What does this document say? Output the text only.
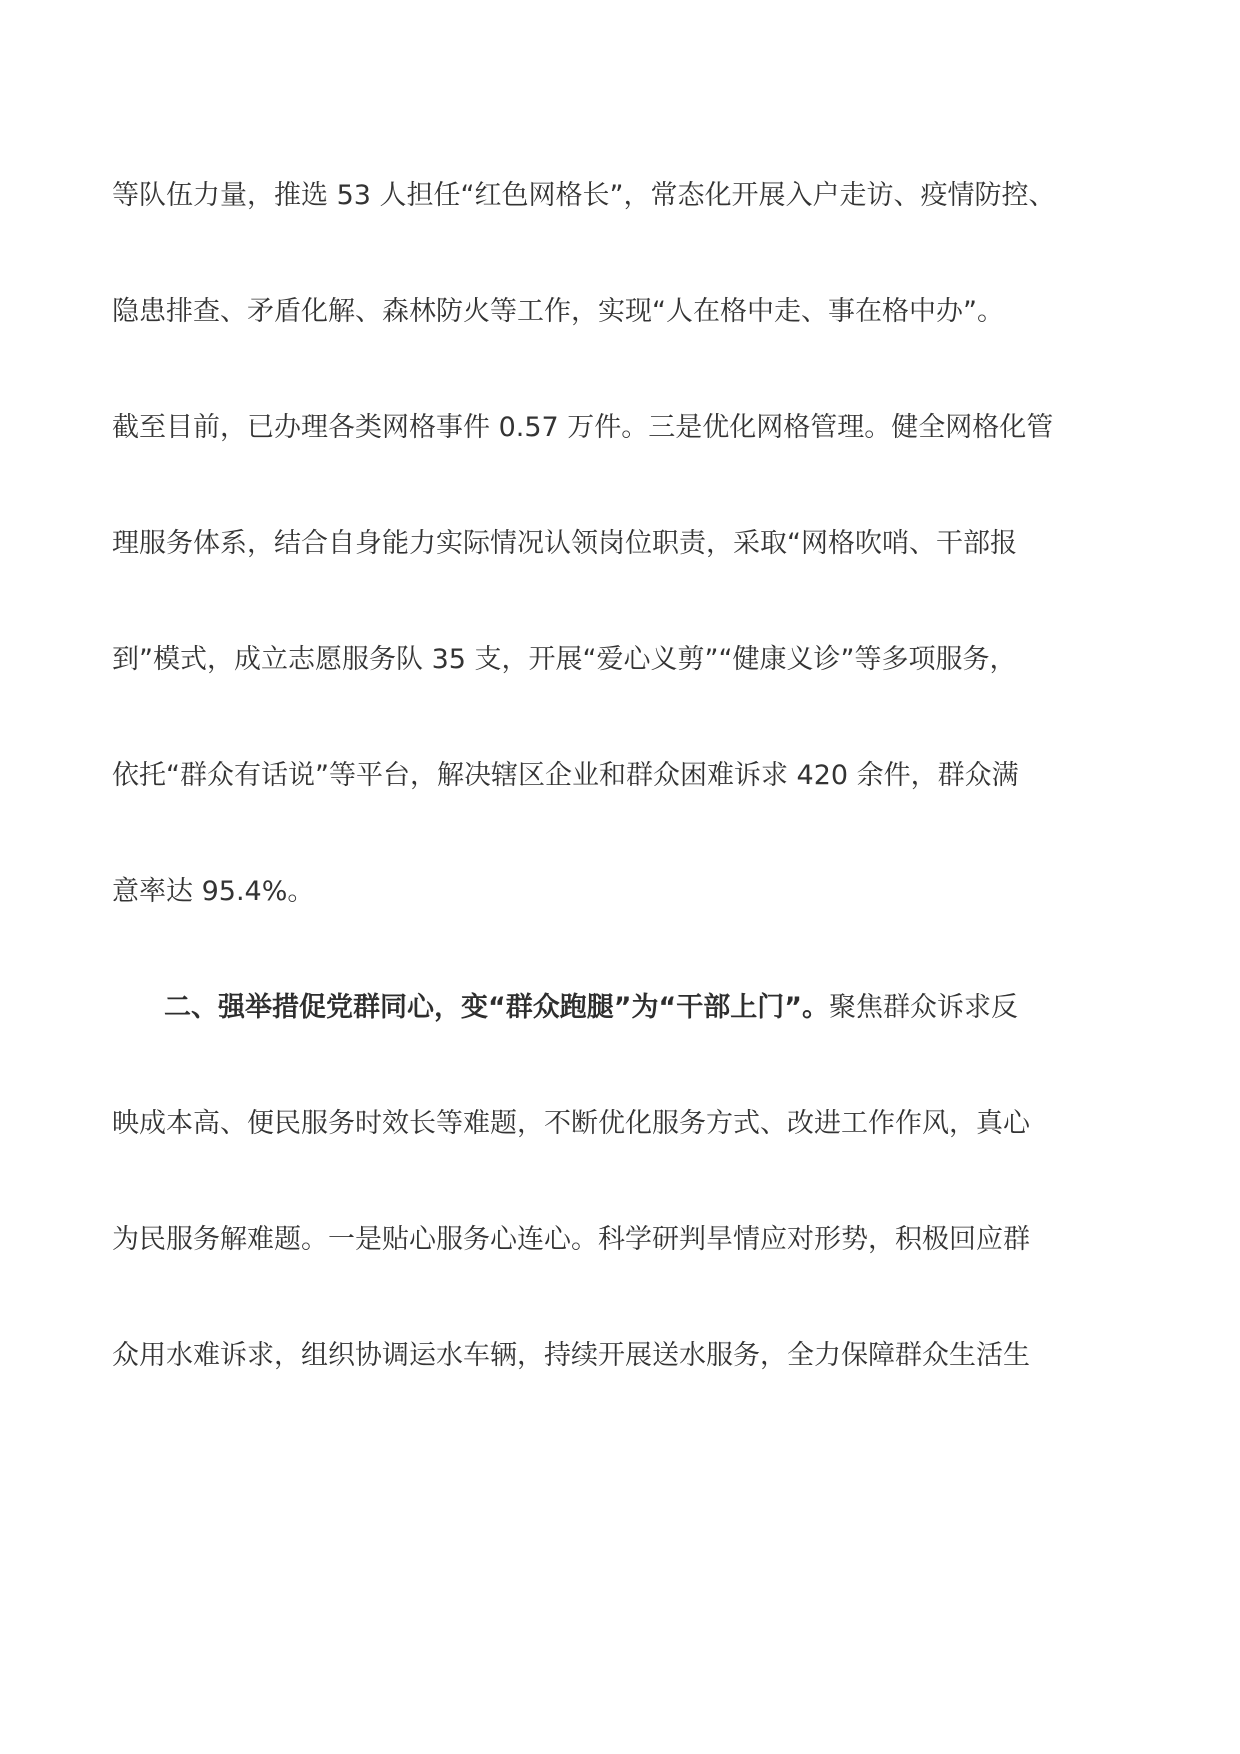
等队伍力量，推选 53 人担任“红色网格长”，常态化开展入户走访、疫情防控、

隐患排查、矛盾化解、森林防火等工作，实现“人在格中走、事在格中办”。

截至目前，已办理各类网格事件 0.57 万件。三是优化网格管理。健全网格化管

理服务体系，结合自身能力实际情况认领岗位职责，采取“网格吹哨、干部报

到”模式，成立志愿服务队 35 支，开展“爱心义剪”“健康义诊”等多项服务，

依托“群众有话说”等平台，解决辖区企业和群众困难诉求 420 余件，群众满

意率达 95.4%。

二、强举措促党群同心，变“群众跑腿”为“干部上门”。聚焦群众诉求反

映成本高、便民服务时效长等难题，不断优化服务方式、改进工作作风，真心

为民服务解难题。一是贴心服务心连心。科学研判旱情应对形势，积极回应群

众用水难诉求，组织协调运水车辆，持续开展送水服务，全力保障群众生活生
